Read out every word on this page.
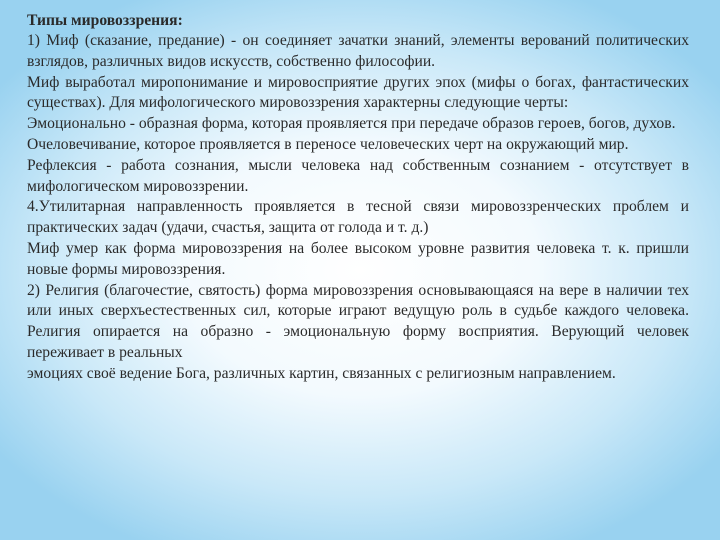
Типы мировоззрения:

1) Миф (сказание, предание) - он соединяет зачатки знаний, элементы верований политических взглядов, различных видов искусств, собственно философии.

Миф выработал миропонимание и мировосприятие других эпох (мифы о богах, фантастических существах). Для мифологического мировоззрения характерны следующие черты:

Эмоционально - образная форма, которая проявляется при передаче образов героев, богов, духов.

Очеловечивание, которое проявляется в переносе человеческих черт на окружающий мир.

Рефлексия - работа сознания, мысли человека над собственным сознанием - отсутствует в мифологическом мировоззрении.

4.Утилитарная направленность проявляется в тесной связи мировоззренческих проблем и практических задач (удачи, счастья, защита от голода и т. д.)

Миф умер как форма мировоззрения на более высоком уровне развития человека т. к. пришли новые формы мировоззрения.

2) Религия (благочестие, святость) форма мировоззрения основывающаяся на вере в наличии тех или иных сверхъестественных сил, которые играют ведущую роль в судьбе каждого человека. Религия опирается на образно - эмоциональную форму восприятия. Верующий человек переживает в реальных

эмоциях своё ведение Бога, различных картин, связанных с религиозным направлением.
